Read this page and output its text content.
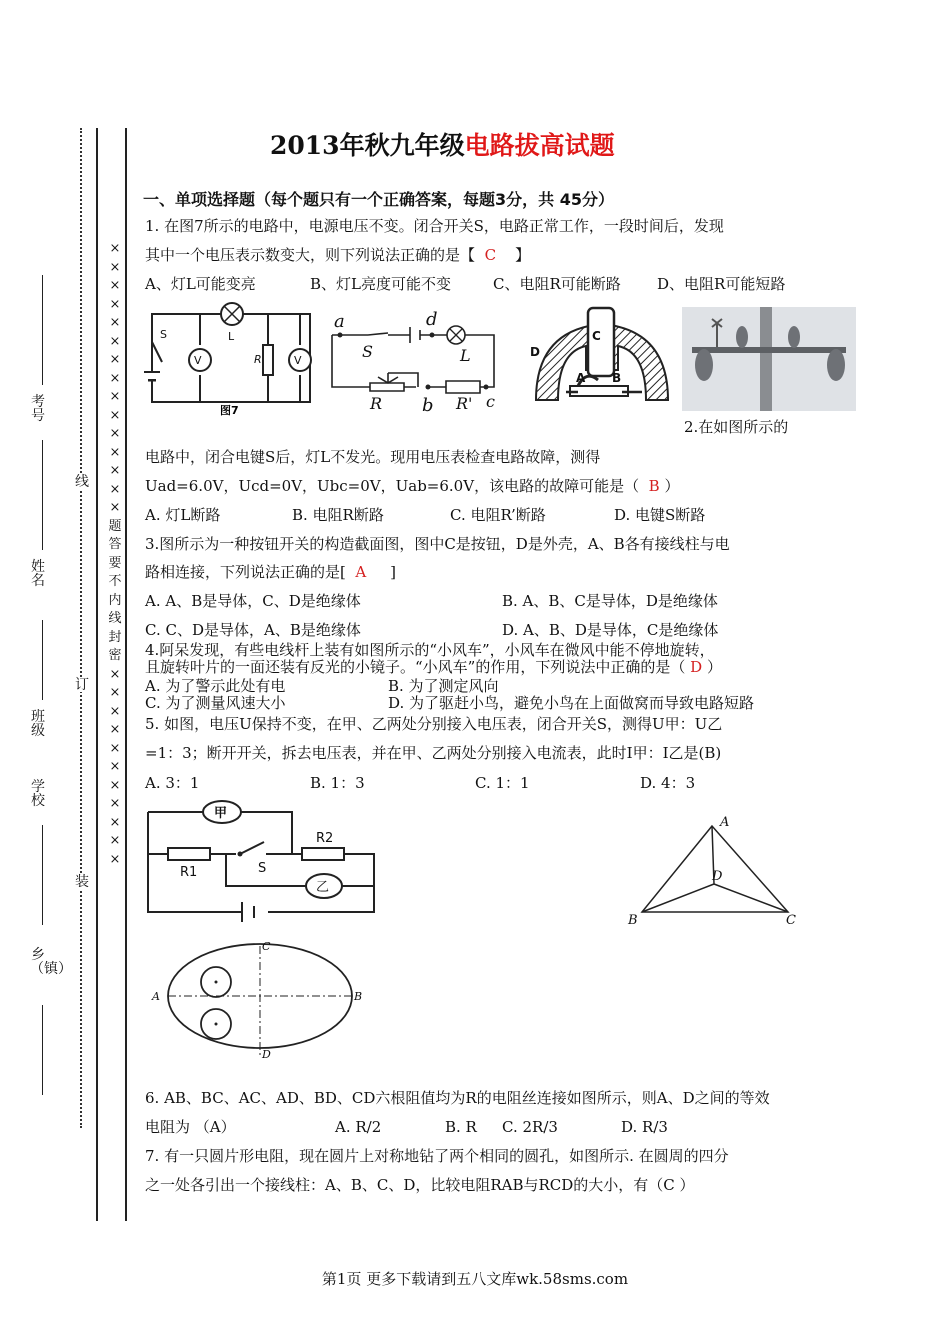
2013年秋九年级电路拔高试题
一、单项选择题（每个题只有一个正确答案，每题3分，共 45分）
×××××××××××××××题答要不内线封密×××××××××××
考号
姓名
班级
学校
乡（镇）
线
订
装
1. 在图7所示的电路中，电源电压不变。闭合开关S，电路正常工作，一段时间后，发现
其中一个电压表示数变大，则下列说法正确的是【 C 】
A、灯L可能变亮	B、灯L亮度可能不变	C、电阻R可能断路 D、电阻R可能短路
V	V
S	L
R
图7
a	d
S	L
R b R' c
C
D
A B
2.在如图所示的
电路中，闭合电键S后，灯L不发光。现用电压表检查电路故障，测得
Uad=6.0V，Ucd=0V，Ubc=0V，Uab=6.0V，该电路的故障可能是（ B ）
A. 灯L断路	B. 电阻R断路	C. 电阻R’断路	D. 电键S断路
3.图所示为一种按钮开关的构造截面图，图中C是按钮，D是外壳，A、B各有接线柱与电
路相连接，下列说法正确的是[ A ]
A. A、B是导体，C、D是绝缘体	B. A、B、C是导体，D是绝缘体
C. C、D是导体，A、B是绝缘体	D. A、B、D是导体，C是绝缘体
4.阿呆发现，有些电线杆上装有如图所示的“小风车”，小风车在微风中能不停地旋转，
且旋转叶片的一面还装有反光的小镜子。“小风车”的作用，下列说法中正确的是（ D ）
A. 为了警示此处有电	B. 为了测定风向
C. 为了测量风速大小	D. 为了驱赶小鸟，避免小鸟在上面做窝而导致电路短路
5. 如图，电压U保持不变，在甲、乙两处分别接入电压表，闭合开关S，测得U甲：U乙
=1：3；断开开关，拆去电压表，并在甲、乙两处分别接入电流表，此时I甲：I乙是(B)
A. 3：1	B. 1：3	C. 1：1	D. 4：3
甲
R1	S
R2
乙
A
B	C
D
A	B
C
D
6. AB、BC、AC、AD、BD、CD六根阻值均为R的电阻丝连接如图所示，则A、D之间的等效
电阻为 （A）	A. R/2	B. R C. 2R/3	D. R/3
7. 有一只圆片形电阻，现在圆片上对称地钻了两个相同的圆孔，如图所示. 在圆周的四分
之一处各引出一个接线柱：A、B、C、D，比较电阻RAB与RCD的大小，有（C ）
第1页 更多下载请到五八文库wk.58sms.com
